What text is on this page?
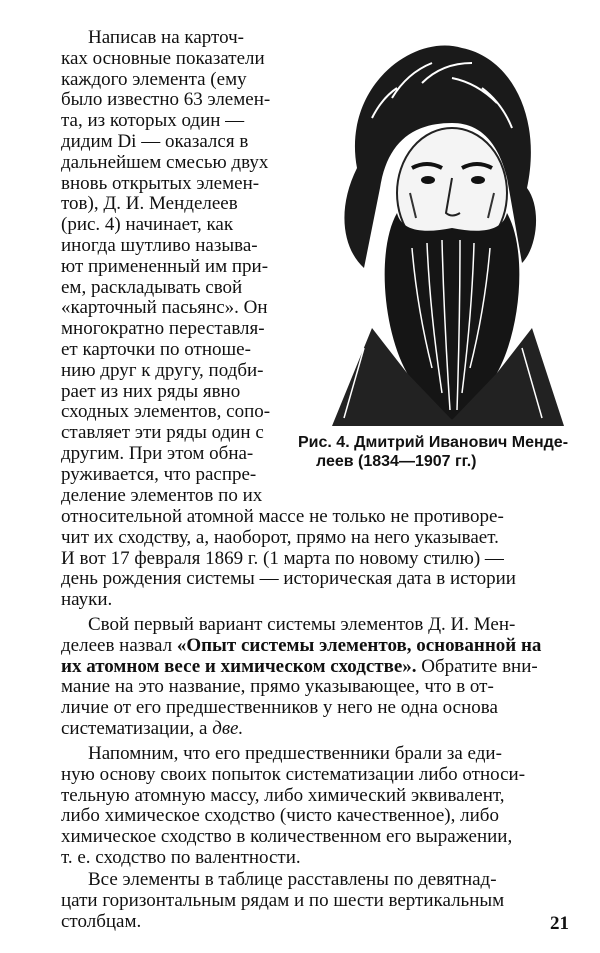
Написав на карточ-
ках основные показатели
каждого элемента (ему
было известно 63 элемен-
та, из которых один —
дидим Di — оказался в
дальнейшем смесью двух
вновь открытых элемен-
тов), Д. И. Менделеев
(рис. 4) начинает, как
иногда шутливо называ-
ют примененный им при-
ем, раскладывать свой
«карточный пасьянс». Он
многократно переставля-
ет карточки по отноше-
нию друг к другу, подби-
рает из них ряды явно
сходных элементов, сопо-
ставляет эти ряды один с
другим. При этом обна-
руживается, что распре-
деление элементов по их
Рис. 4. Дмитрий Иванович Менде-
леев (1834—1907 гг.)
относительной атомной массе не только не противоре-
чит их сходству, а, наоборот, прямо на него указывает.
И вот 17 февраля 1869 г. (1 марта по новому стилю) —
день рождения системы — историческая дата в истории
науки.
Свой первый вариант системы элементов Д. И. Мен-
делеев назвал «Опыт системы элементов, основанной на
их атомном весе и химическом сходстве». Обратите вни-
мание на это название, прямо указывающее, что в от-
личие от его предшественников у него не одна основа
систематизации, а две.
Напомним, что его предшественники брали за еди-
ную основу своих попыток систематизации либо относи-
тельную атомную массу, либо химический эквивалент,
либо химическое сходство (чисто качественное), либо
химическое сходство в количественном его выражении,
т. е. сходство по валентности.
Все элементы в таблице расставлены по девятнад-
цати горизонтальным рядам и по шести вертикальным
столбцам.	21
